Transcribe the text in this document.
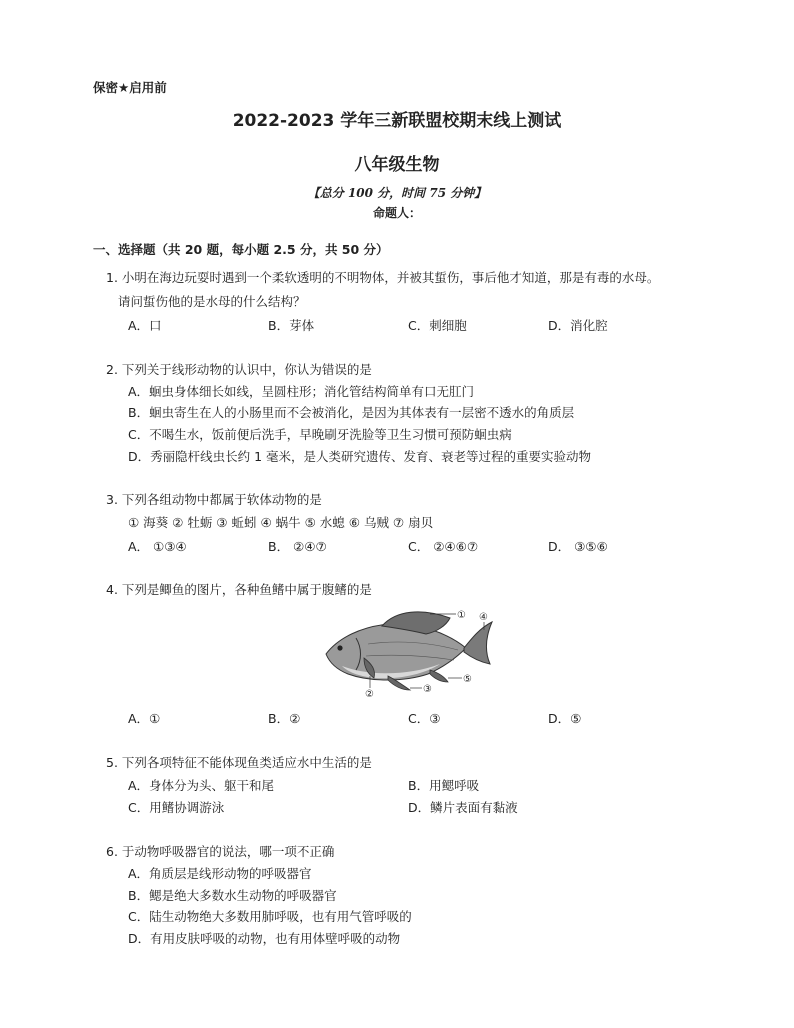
保密★启用前
2022-2023 学年三新联盟校期末线上测试
八年级生物
【总分 100 分，时间 75 分钟】
命题人：
一、选择题（共 20 题，每小题 2.5 分，共 50 分）
1. 小明在海边玩耍时遇到一个柔软透明的不明物体，并被其蜇伤，事后他才知道，那是有毒的水母。
请问蜇伤他的是水母的什么结构？
A．口	B．芽体	C．刺细胞	D．消化腔
2. 下列关于线形动物的认识中，你认为错误的是
A．蛔虫身体细长如线，呈圆柱形；消化管结构简单有口无肛门
B．蛔虫寄生在人的小肠里而不会被消化，是因为其体表有一层密不透水的角质层
C．不喝生水，饭前便后洗手，早晚刷牙洗脸等卫生习惯可预防蛔虫病
D．秀丽隐杆线虫长约 1 毫米，是人类研究遗传、发育、衰老等过程的重要实验动物
3. 下列各组动物中都属于软体动物的是
① 海葵 ② 牡蛎 ③ 蚯蚓 ④ 蜗牛 ⑤ 水螅 ⑥ 乌贼 ⑦ 扇贝
A． ①③④	B． ②④⑦	C． ②④⑥⑦	D． ③⑤⑥
4. 下列是鲫鱼的图片，各种鱼鳍中属于腹鳍的是
①
②	③
④
⑤
A．①	B．②	C．③	D．⑤
5. 下列各项特征不能体现鱼类适应水中生活的是
A．身体分为头、躯干和尾	B．用鳃呼吸
C．用鳍协调游泳	D．鳞片表面有黏液
6. 于动物呼吸器官的说法，哪一项不正确
A．角质层是线形动物的呼吸器官
B．鳃是绝大多数水生动物的呼吸器官
C．陆生动物绝大多数用肺呼吸，也有用气管呼吸的
D．有用皮肤呼吸的动物，也有用体壁呼吸的动物
